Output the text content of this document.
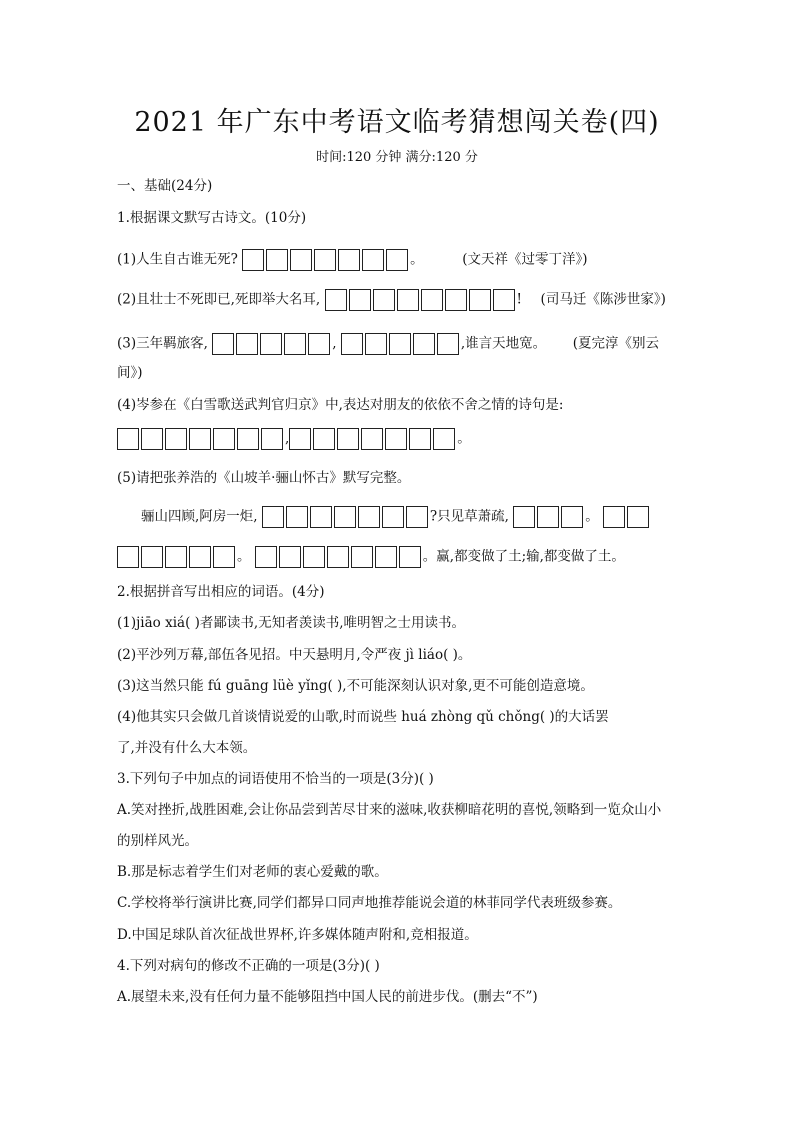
2021 年广东中考语文临考猜想闯关卷(四)
时间:120 分钟 满分:120 分
一、基础(24分)
1.根据课文默写古诗文。(10分)
(1)人生自古谁无死?	。	(文天祥《过零丁洋》)
(2)且壮士不死即已,死即举大名耳,	! (司马迁《陈涉世家》)
(3)三年羁旅客,	,	,谁言天地宽。 (夏完淳《别云
间》)
(4)岑参在《白雪歌送武判官归京》中,表达对朋友的依依不舍之情的诗句是:
,	。
(5)请把张养浩的《山坡羊·骊山怀古》默写完整。
骊山四顾,阿房一炬,	?只见草萧疏,	。
。	。赢,都变做了土;输,都变做了土。
2.根据拼音写出相应的词语。(4分)
(1)jiāo xiá( )者鄙读书,无知者羡读书,唯明智之士用读书。
(2)平沙列万幕,部伍各见招。中天悬明月,令严夜 jì liáo( )。
(3)这当然只能 fú guāng lüè yǐng( ),不可能深刻认识对象,更不可能创造意境。
(4)他其实只会做几首谈情说爱的山歌,时而说些 huá zhòng qǔ chǒng( )的大话罢
了,并没有什么大本领。
3.下列句子中加点的词语使用不恰当的一项是(3分)( )
A.笑对挫折,战胜困难,会让你品尝到苦尽甘来的滋味,收获柳暗花明的喜悦,领略到一览众山小
的别样风光。
B.那是标志着学生们对老师的衷心爱戴的歌。
C.学校将举行演讲比赛,同学们都异口同声地推荐能说会道的林菲同学代表班级参赛。
D.中国足球队首次征战世界杯,许多媒体随声附和,竞相报道。
4.下列对病句的修改不正确的一项是(3分)( )
A.展望未来,没有任何力量不能够阻挡中国人民的前进步伐。(删去“不”)
